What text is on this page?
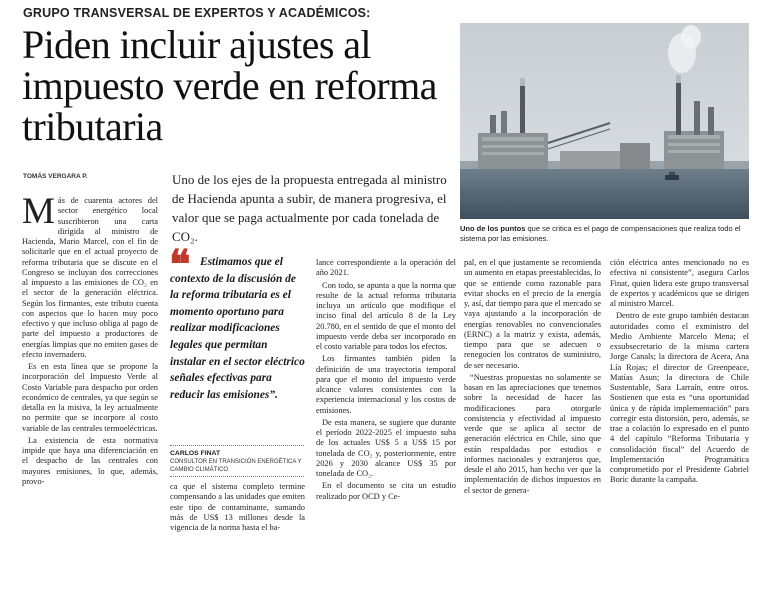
GRUPO TRANSVERSAL DE EXPERTOS Y ACADÉMICOS:
Piden incluir ajustes al impuesto verde en reforma tributaria
TOMÁS VERGARA P.	Uno de los ejes de la propuesta entregada al ministro de Hacienda apunta a subir, de manera progresiva, el valor que se paga actualmente por cada tonelada de CO₂.
Uno de los puntos que se critica es el pago de compensaciones que realiza todo el sistema por las emisiones.

Más de cuarenta actores del sector energético local suscribieron una carta dirigida al ministro de Hacienda, Mario Marcel, con el fin de solicitarle que en el actual proyecto de reforma tributaria que se discute en el Congreso se incluyan dos correcciones al impuesto a las emisiones de CO₂ en el sector de la generación eléctrica. Según los firmantes, este tributo cuenta con aspectos que lo hacen muy poco efectivo y que incluso obliga al pago de parte del impuesto a productores de energías limpias que no emiten gases de efecto invernadero.

Es en esta línea que se propone la incorporación del Impuesto Verde al Costo Variable para despacho por orden económico de centrales, ya que según se detalla en la misiva, la ley actualmente no permite que se incorpore al costo variable de las centrales termoeléctricas.

La existencia de esta normativa impide que haya una diferenciación en el despacho de las centrales con mayores emisiones, lo que, además, provo-

❝ Estimamos que el contexto de la discusión de la reforma tributaria es el momento oportuno para realizar modificaciones legales que permitan instalar en el sector eléctrico señales efectivas para reducir las emisiones”.
CARLOS FINAT
CONSULTOR EN TRANSICIÓN ENERGÉTICA Y CAMBIO CLIMÁTICO

ca que el sistema completo termine compensando a las unidades que emiten este tipo de contaminante, sumando más de US$ 13 millones desde la vigencia de la norma hasta el ba-

lance correspondiente a la operación del año 2021.

Con todo, se apunta a que la norma que resulte de la actual reforma tributaria incluya un artículo que modifique el inciso final del artículo 8 de la Ley 20.780, en el sentido de que el monto del impuesto verde deba ser incorporado en el costo variable para todos los efectos.

Los firmantes también piden la definición de una trayectoria temporal para que el monto del impuesto verde alcance valores consistentes con la experiencia internacional y los costos de emisiones.

De esta manera, se sugiere que durante el período 2022-2025 el impuesto suba de los actuales US$ 5 a US$ 15 por tonelada de CO₂ y, posteriormente, entre 2026 y 2030 alcance US$ 35 por tonelada de CO₂.

En el documento se cita un estudio realizado por OCD y Ce-

pal, en el que justamente se recomienda un aumento en etapas preestablecidas, lo que se entiende como razonable para evitar shocks en el precio de la energía y, así, dar tiempo para que el mercado se vaya ajustando a la incorporación de energías renovables no convencionales (ERNC) a la matriz y exista, además, tiempo para que se adecuen o renegocien los contratos de suministro, de ser necesario.

“Nuestras propuestas no solamente se basan en las apreciaciones que tenemos sobre la necesidad de hacer las modificaciones para otorgarle consistencia y efectividad al impuesto verde que se aplica al sector de generación eléctrica en Chile, sino que están respaldadas por estudios e informes nacionales y extranjeros que, desde el año 2015, han hecho ver que la implementación de dichos impuestos en el sector de genera-

ción eléctrica antes mencionado no es efectiva ni consistente”, asegura Carlos Finat, quien lidera este grupo transversal de expertos y académicos que se dirigen al ministro Marcel.

Dentro de este grupo también destacan autoridades como el exministro del Medio Ambiente Marcelo Mena; el exsubsecretario de la misma cartera Jorge Canals; la directora de Acera, Ana Lía Rojas; el director de Greenpeace, Matías Asun; la directora de Chile Sustentable, Sara Larraín, entre otros. Sostienen que esta es “una oportunidad única y de rápida implementación” para corregir esta distorsión, pero, además, se trae a colación lo expresado en el punto 4 del capítulo “Reforma Tributaria y consolidación fiscal” del Acuerdo de Implementación Programática comprometido por el Presidente Gabriel Boric durante la campaña.
